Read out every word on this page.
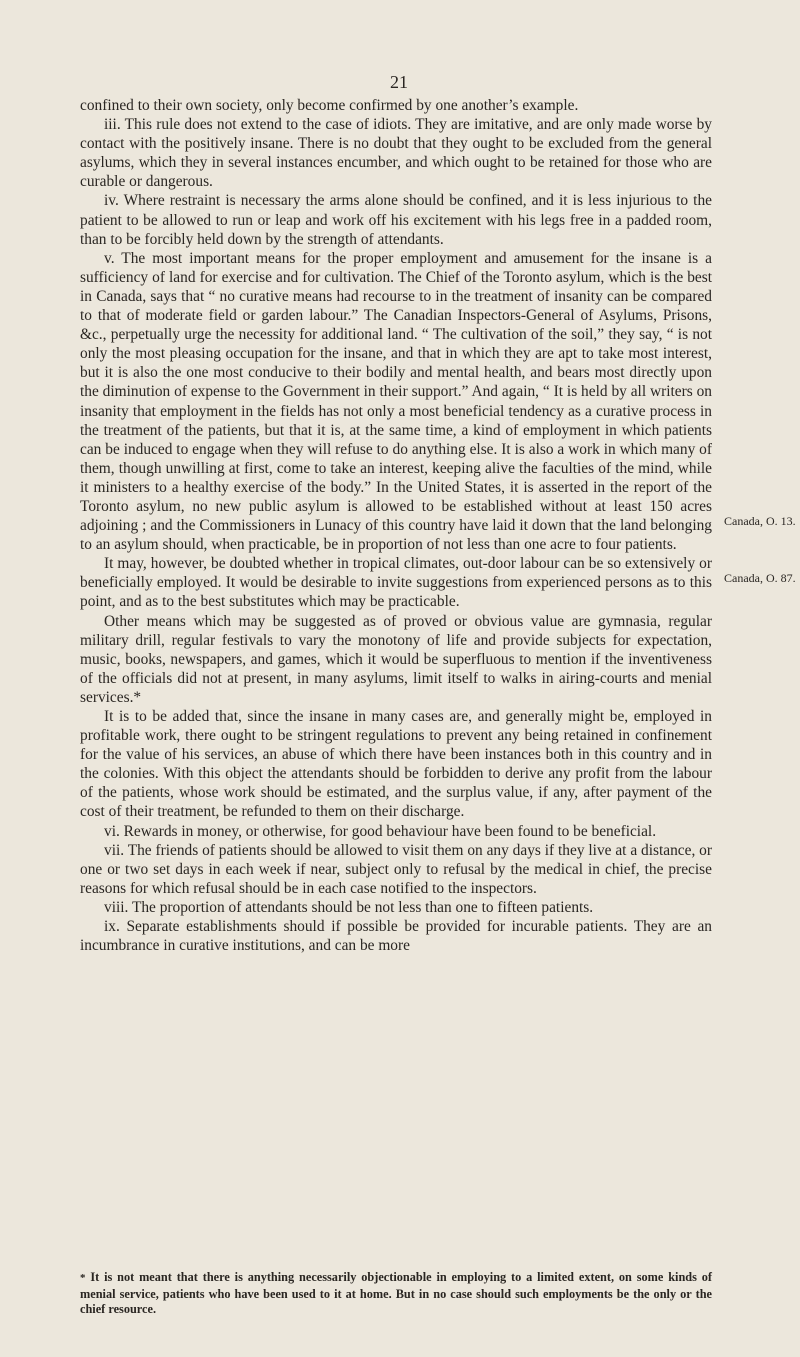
21

confined to their own society, only become confirmed by one another’s example.

iii. This rule does not extend to the case of idiots. They are imitative, and are only made worse by contact with the positively insane. There is no doubt that they ought to be excluded from the general asylums, which they in several instances encumber, and which ought to be retained for those who are curable or dangerous.

iv. Where restraint is necessary the arms alone should be confined, and it is less injurious to the patient to be allowed to run or leap and work off his excitement with his legs free in a padded room, than to be forcibly held down by the strength of attendants.

v. The most important means for the proper employment and amusement for the insane is a sufficiency of land for exercise and for cultivation. The Chief of the Toronto asylum, which is the best in Canada, says that “ no curative means had recourse to in the treatment of insanity can be compared to that of moderate field or garden labour.” The Canadian Inspectors-General of Asylums, Prisons, &c., perpetually urge the necessity for additional land. “ The cultivation of the soil,” they say, “ is not only the most pleasing occupation for the insane, and that in which they are apt to take most interest, but it is also the one most conducive to their bodily and mental health, and bears most directly upon the diminution of expense to the Government in their support.” And again, “ It is held by all writers on insanity that employment in the fields has not only a most beneficial tendency as a curative process in the treatment of the patients, but that it is, at the same time, a kind of employment in which patients can be induced to engage when they will refuse to do anything else. It is also a work in which many of them, though unwilling at first, come to take an interest, keeping alive the faculties of the mind, while it ministers to a healthy exercise of the body.” In the United States, it is asserted in the report of the Toronto asylum, no new public asylum is allowed to be established without at least 150 acres adjoining ; and the Commissioners in Lunacy of this country have laid it down that the land belonging to an asylum should, when practicable, be in proportion of not less than one acre to four patients.

It may, however, be doubted whether in tropical climates, out-door labour can be so extensively or beneficially employed. It would be desirable to invite suggestions from experienced persons as to this point, and as to the best substitutes which may be practicable.

Other means which may be suggested as of proved or obvious value are gymnasia, regular military drill, regular festivals to vary the monotony of life and provide subjects for expectation, music, books, newspapers, and games, which it would be superfluous to mention if the inventiveness of the officials did not at present, in many asylums, limit itself to walks in airing-courts and menial services.*

It is to be added that, since the insane in many cases are, and generally might be, employed in profitable work, there ought to be stringent regulations to prevent any being retained in confinement for the value of his services, an abuse of which there have been instances both in this country and in the colonies. With this object the attendants should be forbidden to derive any profit from the labour of the patients, whose work should be estimated, and the surplus value, if any, after payment of the cost of their treatment, be refunded to them on their discharge.

vi. Rewards in money, or otherwise, for good behaviour have been found to be beneficial.

vii. The friends of patients should be allowed to visit them on any days if they live at a distance, or one or two set days in each week if near, subject only to refusal by the medical in chief, the precise reasons for which refusal should be in each case notified to the inspectors.

viii. The proportion of attendants should be not less than one to fifteen patients.

ix. Separate establishments should if possible be provided for incurable patients. They are an incumbrance in curative institutions, and can be more

Canada, O. 13.
Canada, O. 87.
* It is not meant that there is anything necessarily objectionable in employing to a limited extent, on some kinds of menial service, patients who have been used to it at home. But in no case should such employments be the only or the chief resource.
